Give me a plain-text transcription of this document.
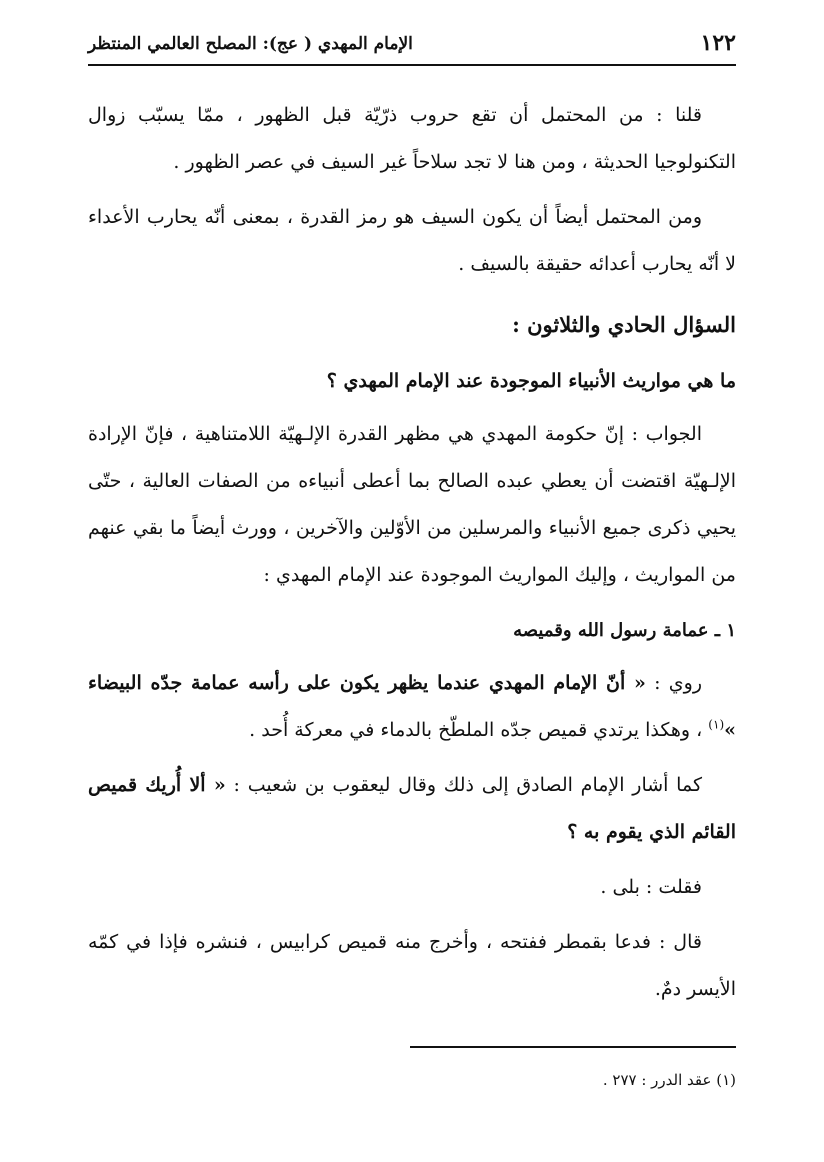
١٢٢
الإمام المهدي ( عج): المصلح العالمي المنتظر

قلنا : من المحتمل أن تقع حروب ذرّيّة قبل الظهور ، ممّا يسبّب زوال التكنولوجيا الحديثة ، ومن هنا لا تجد سلاحاً غير السيف في عصر الظهور .

ومن المحتمل أيضاً أن يكون السيف هو رمز القدرة ، بمعنى أنّه يحارب الأعداء لا أنّه يحارب أعدائه حقيقة بالسيف .

السؤال الحادي والثلاثون :

ما هي مواريث الأنبياء الموجودة عند الإمام المهدي ؟

الجواب : إنّ حكومة المهدي هي مظهر القدرة الإلـهيّة اللامتناهية ، فإنّ الإرادة الإلـهيّة اقتضت أن يعطي عبده الصالح بما أعطى أنبياءه من الصفات العالية ، حتّى يحيي ذكرى جميع الأنبياء والمرسلين من الأوّلين والآخرين ، وورث أيضاً ما بقي عنهم من المواريث ، وإليك المواريث الموجودة عند الإمام المهدي :

١ ـ عمامة رسول الله وقميصه

روي : « أنّ الإمام المهدي عندما يظهر يكون على رأسه عمامة جدّه البيضاء »$^{(١)}$ ، وهكذا يرتدي قميص جدّه الملطّخ بالدماء في معركة أُحد .

كما أشار الإمام الصادق إلى ذلك وقال ليعقوب بن شعيب : « ألا أُريك قميص القائم الذي يقوم به ؟

فقلت : بلى .

قال : فدعا بقمطر ففتحه ، وأخرج منه قميص كرابيس ، فنشره فإذا في كمّه الأيسر دمٌ.

(١) عقد الدرر : ٢٧٧ .
